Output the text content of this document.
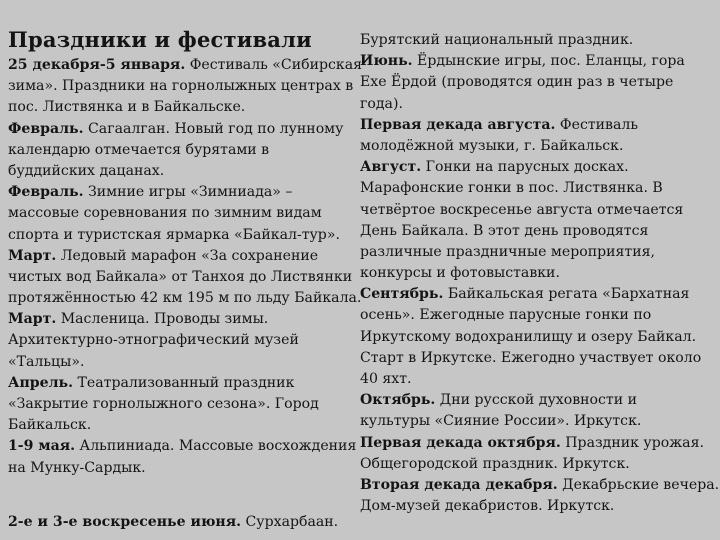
Праздники и фестивали
25 декабря-5 января. Фестиваль «Сибирская
зима». Праздники на горнолыжных центрах в
пос. Листвянка и в Байкальске.
Февраль. Сагаалган. Новый год по лунному
календарю отмечается бурятами в
буддийских дацанах.
Февраль. Зимние игры «Зимниада» –
массовые соревнования по зимним видам
спорта и туристская ярмарка «Байкал-тур».
Март. Ледовый марафон «За сохранение
чистых вод Байкала» от Танхоя до Листвянки
протяжённостью 42 км 195 м по льду Байкала.
Март. Масленица. Проводы зимы.
Архитектурно-этнографический музей
«Тальцы».
Апрель. Театрализованный праздник
«Закрытие горнолыжного сезона». Город
Байкальск.
1-9 мая. Альпиниада. Массовые восхождения
на Мунку-Сардык.
2-е и 3-е воскресенье июня. Сурхарбаан.
Бурятский национальный праздник.
Июнь. Ёрдынские игры, пос. Еланцы, гора
Ехе Ёрдой (проводятся один раз в четыре
года).
Первая декада августа. Фестиваль
молодёжной музыки, г. Байкальск.
Август. Гонки на парусных досках.
Марафонские гонки в пос. Листвянка. В
четвёртое воскресенье августа отмечается
День Байкала. В этот день проводятся
различные праздничные мероприятия,
конкурсы и фотовыставки.
Сентябрь. Байкальская регата «Бархатная
осень». Ежегодные парусные гонки по
Иркутскому водохранилищу и озеру Байкал.
Старт в Иркутске. Ежегодно участвует около
40 яхт.
Октябрь. Дни русской духовности и
культуры «Сияние России». Иркутск.
Первая декада октября. Праздник урожая.
Общегородской праздник. Иркутск.
Вторая декада декабря. Декабрьские вечера.
Дом-музей декабристов. Иркутск.
